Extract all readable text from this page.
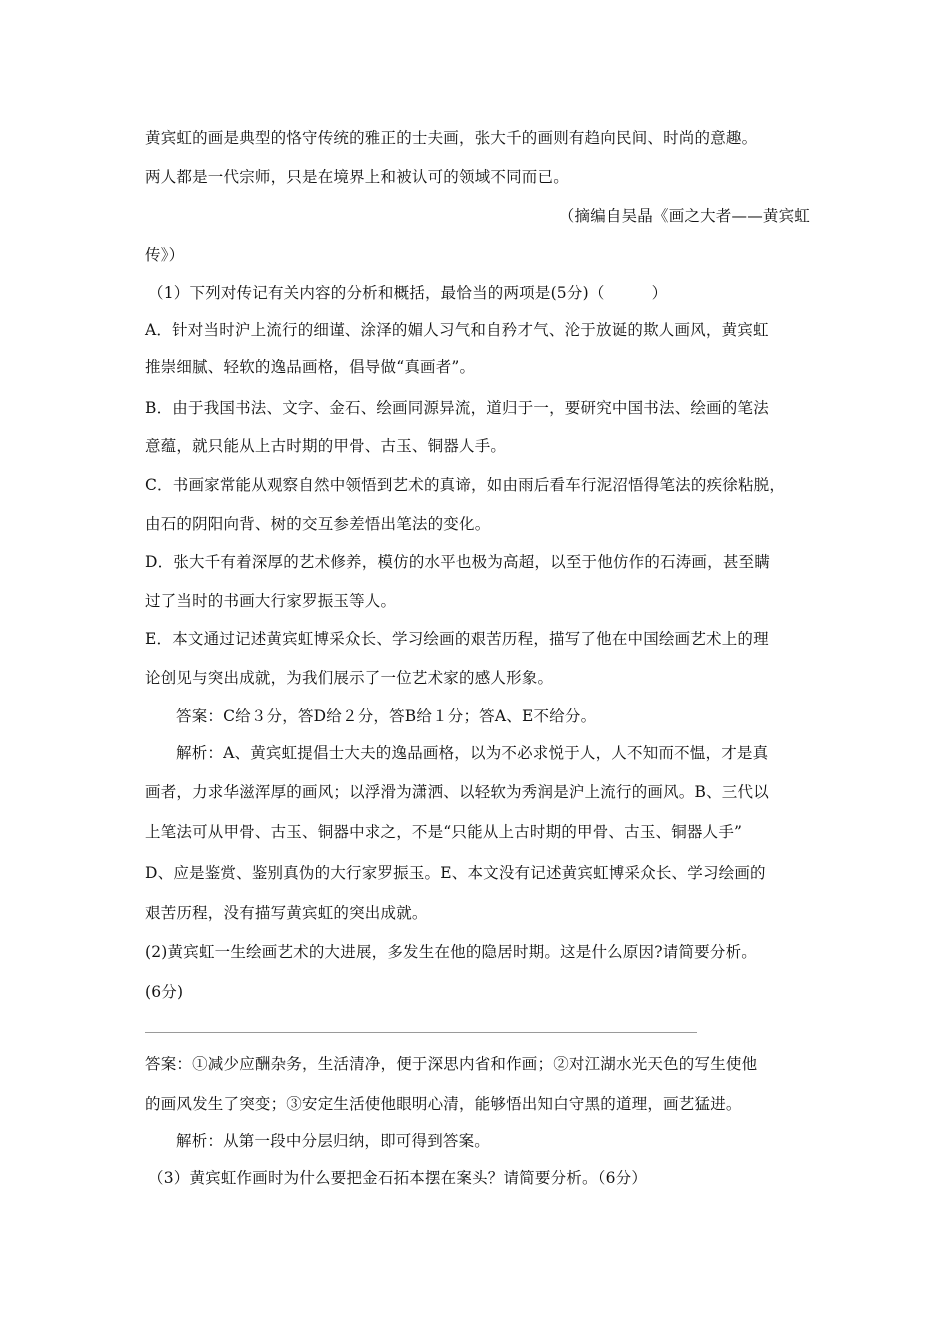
黄宾虹的画是典型的恪守传统的雅正的士夫画，张大千的画则有趋向民间、时尚的意趣。
两人都是一代宗师，只是在境界上和被认可的领域不同而已。
（摘编自吴晶《画之大者——黄宾虹
传》）
（1）下列对传记有关内容的分析和概括，最恰当的两项是(5分)（　　　）
A．针对当时沪上流行的细谨、涂泽的媚人习气和自矜才气、沦于放诞的欺人画风，黄宾虹
推崇细腻、轻软的逸品画格，倡导做“真画者”。
B．由于我国书法、文字、金石、绘画同源异流，道归于一，要研究中国书法、绘画的笔法
意蕴，就只能从上古时期的甲骨、古玉、铜器人手。
C．书画家常能从观察自然中领悟到艺术的真谛，如由雨后看车行泥沼悟得笔法的疾徐粘脱，
由石的阴阳向背、树的交互参差悟出笔法的变化。
D．张大千有着深厚的艺术修养，模仿的水平也极为高超，以至于他仿作的石涛画，甚至瞒
过了当时的书画大行家罗振玉等人。
E．本文通过记述黄宾虹博采众长、学习绘画的艰苦历程，描写了他在中国绘画艺术上的理
论创见与突出成就，为我们展示了一位艺术家的感人形象。
答案：C给３分，答D给２分，答B给１分；答A、E不给分。
解析：A、黄宾虹提倡士大夫的逸品画格，以为不必求悦于人，人不知而不愠，才是真
画者，力求华滋浑厚的画风；以浮滑为潇洒、以轻软为秀润是沪上流行的画风。B、三代以
上笔法可从甲骨、古玉、铜器中求之，不是“只能从上古时期的甲骨、古玉、铜器人手”
D、应是鉴赏、鉴别真伪的大行家罗振玉。E、本文没有记述黄宾虹博采众长、学习绘画的
艰苦历程，没有描写黄宾虹的突出成就。
(2)黄宾虹一生绘画艺术的大进展，多发生在他的隐居时期。这是什么原因?请简要分析。
(6分)
答案：①减少应酬杂务，生活清净，便于深思内省和作画；②对江湖水光天色的写生使他
的画风发生了突变；③安定生活使他眼明心清，能够悟出知白守黑的道理，画艺猛进。
解析：从第一段中分层归纳，即可得到答案。
（3）黄宾虹作画时为什么要把金石拓本摆在案头？请简要分析。（6分）
